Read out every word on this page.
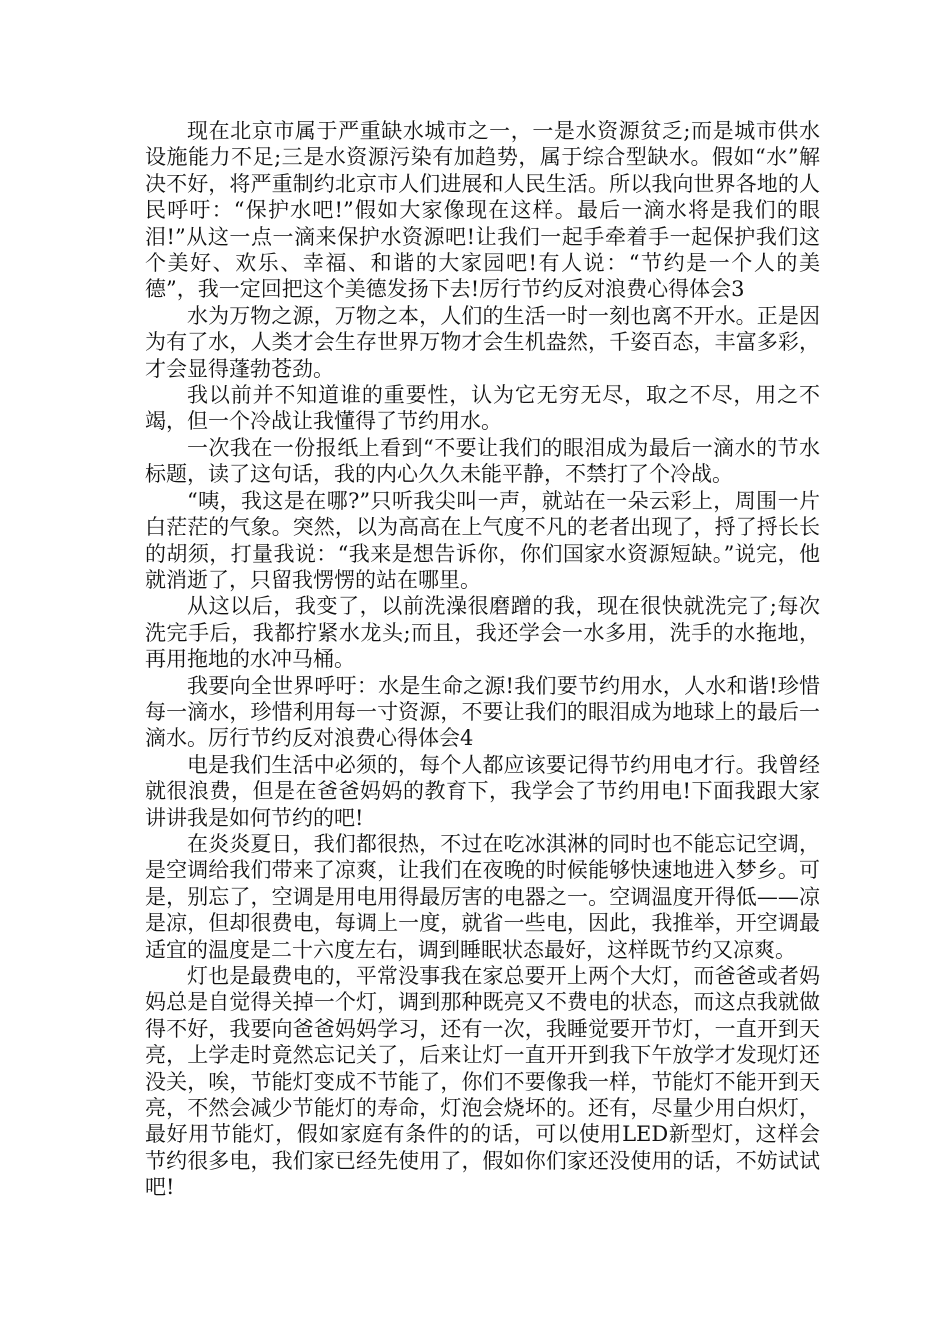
现在北京市属于严重缺水城市之一，一是水资源贫乏;而是城市供水设施能力不足;三是水资源污染有加趋势，属于综合型缺水。假如“水”解决不好，将严重制约北京市人们进展和人民生活。所以我向世界各地的人民呼吁：“保护水吧!”假如大家像现在这样。最后一滴水将是我们的眼泪!”从这一点一滴来保护水资源吧!让我们一起手牵着手一起保护我们这个美好、欢乐、幸福、和谐的大家园吧!有人说：“节约是一个人的美德”，我一定回把这个美德发扬下去!厉行节约反对浪费心得体会3

水为万物之源，万物之本，人们的生活一时一刻也离不开水。正是因为有了水，人类才会生存世界万物才会生机盎然，千姿百态，丰富多彩，才会显得蓬勃苍劲。

我以前并不知道谁的重要性，认为它无穷无尽，取之不尽，用之不竭，但一个冷战让我懂得了节约用水。

一次我在一份报纸上看到“不要让我们的眼泪成为最后一滴水的节水标题，读了这句话，我的内心久久未能平静，不禁打了个冷战。

“咦，我这是在哪?”只听我尖叫一声，就站在一朵云彩上，周围一片白茫茫的气象。突然，以为高高在上气度不凡的老者出现了，捋了捋长长的胡须，打量我说：“我来是想告诉你，你们国家水资源短缺。”说完，他就消逝了，只留我愣愣的站在哪里。

从这以后，我变了，以前洗澡很磨蹭的我，现在很快就洗完了;每次洗完手后，我都拧紧水龙头;而且，我还学会一水多用，洗手的水拖地，再用拖地的水冲马桶。

我要向全世界呼吁：水是生命之源!我们要节约用水，人水和谐!珍惜每一滴水，珍惜利用每一寸资源，不要让我们的眼泪成为地球上的最后一滴水。厉行节约反对浪费心得体会4

电是我们生活中必须的，每个人都应该要记得节约用电才行。我曾经就很浪费，但是在爸爸妈妈的教育下，我学会了节约用电!下面我跟大家讲讲我是如何节约的吧!

在炎炎夏日，我们都很热，不过在吃冰淇淋的同时也不能忘记空调，是空调给我们带来了凉爽，让我们在夜晚的时候能够快速地进入梦乡。可是，别忘了，空调是用电用得最厉害的电器之一。空调温度开得低——凉是凉，但却很费电，每调上一度，就省一些电，因此，我推举，开空调最适宜的温度是二十六度左右，调到睡眠状态最好，这样既节约又凉爽。

灯也是最费电的，平常没事我在家总要开上两个大灯，而爸爸或者妈妈总是自觉得关掉一个灯，调到那种既亮又不费电的状态，而这点我就做得不好，我要向爸爸妈妈学习，还有一次，我睡觉要开节灯，一直开到天亮，上学走时竟然忘记关了，后来让灯一直开开到我下午放学才发现灯还没关，唉，节能灯变成不节能了，你们不要像我一样，节能灯不能开到天亮，不然会减少节能灯的寿命，灯泡会烧坏的。还有，尽量少用白炽灯，最好用节能灯，假如家庭有条件的的话，可以使用LED新型灯，这样会节约很多电，我们家已经先使用了，假如你们家还没使用的话，不妨试试吧!
